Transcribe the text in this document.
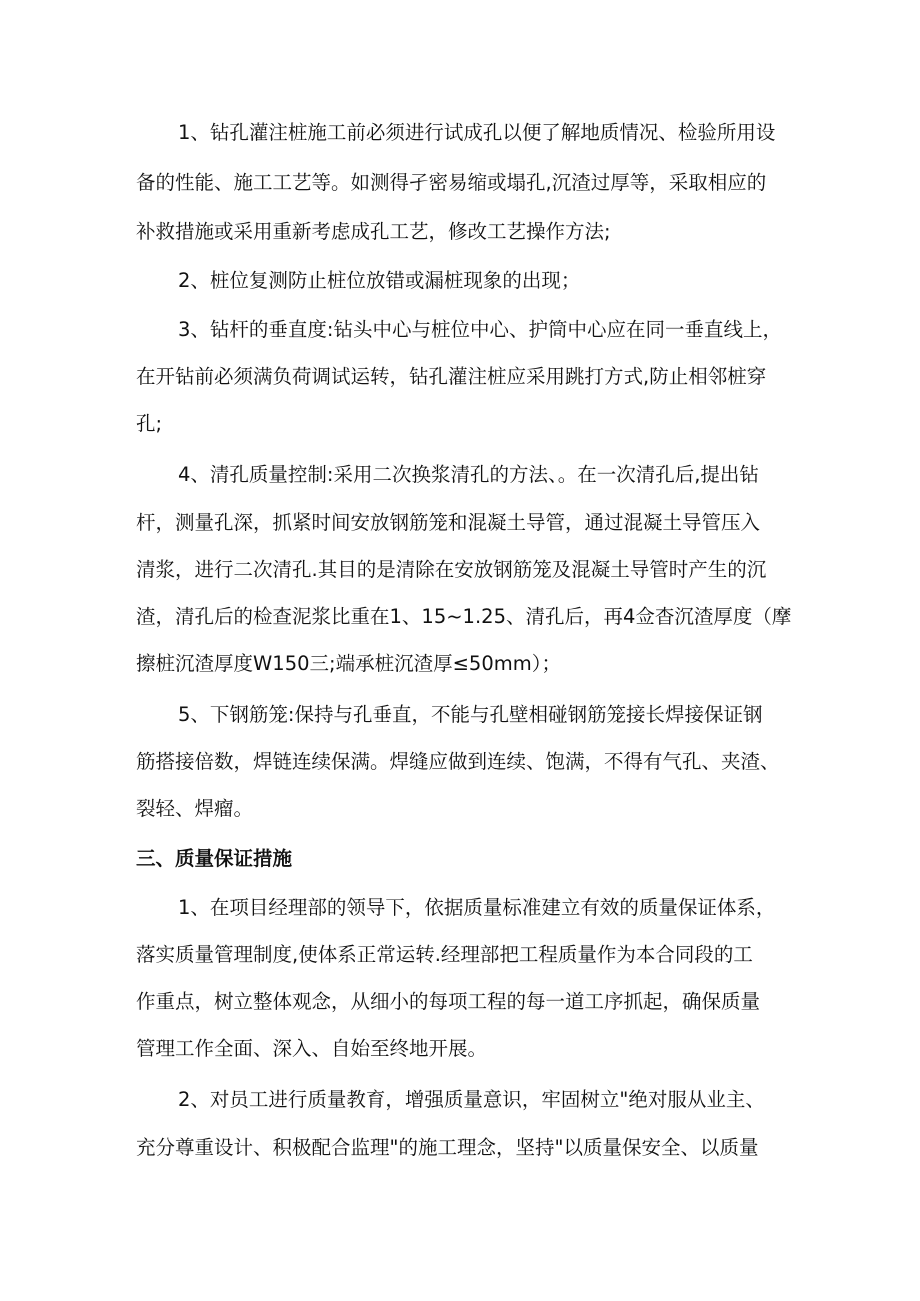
1、钻孔灌注桩施工前必须进行试成孔以便了解地质情况、检验所用设
备的性能、施工工艺等。如测得孑密易缩或塌孔,沉渣过厚等，采取相应的
补救措施或采用重新考虑成孔工艺，修改工艺操作方法;
2、桩位复测防止桩位放错或漏桩现象的出现；
3、钻杆的垂直度:钻头中心与桩位中心、护筒中心应在同一垂直线上，
在开钻前必须满负荷调试运转，钻孔灌注桩应采用跳打方式,防止相邻桩穿
孔;
4、清孔质量控制:采用二次换浆清孔的方法、。在一次清孔后,提出钻
杆，测量孔深，抓紧时间安放钢筋笼和混凝土导管，通过混凝土导管压入
清浆，进行二次清孔.其目的是清除在安放钢筋笼及混凝土导管时产生的沉
渣，清孔后的检查泥浆比重在1、15~1.25、清孔后，再4佥杳沉渣厚度（摩
擦桩沉渣厚度W150三;端承桩沉渣厚≤50mm）；
5、下钢筋笼:保持与孔垂直，不能与孔壁相碰钢筋笼接长焊接保证钢
筋搭接倍数，焊链连续保满。焊缝应做到连续、饱满，不得有气孔、夹渣、
裂轻、焊瘤。
三、质量保证措施
1、在项目经理部的领导下，依据质量标准建立有效的质量保证体系，
落实质量管理制度,使体系正常运转.经理部把工程质量作为本合同段的工
作重点，树立整体观念，从细小的每项工程的每一道工序抓起，确保质量
管理工作全面、深入、自始至终地开展。
2、对员工进行质量教育，增强质量意识，牢固树立"绝对服从业主、
充分尊重设计、积极配合监理"的施工理念，坚持"以质量保安全、以质量
